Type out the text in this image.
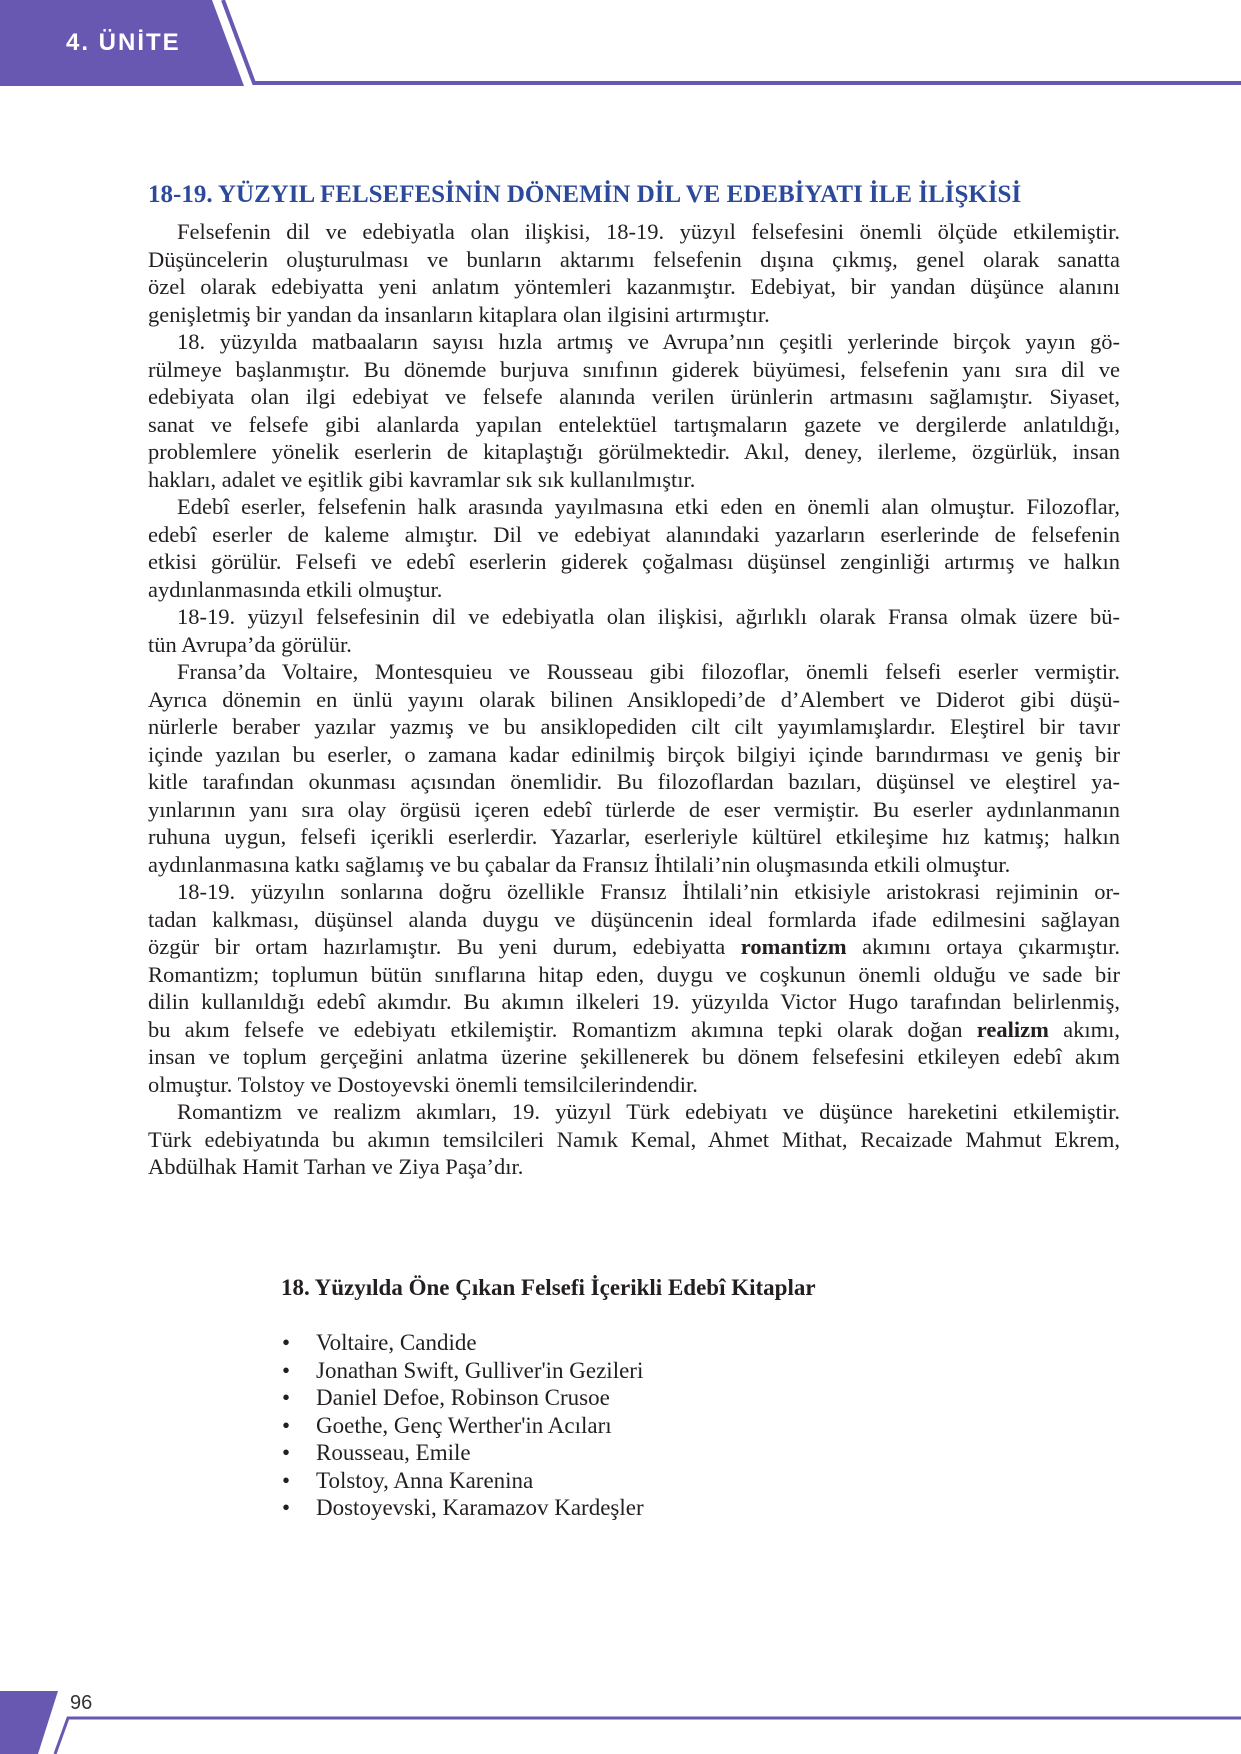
4. ÜNİTE
18-19. YÜZYIL FELSEFESİNİN DÖNEMİN DİL VE EDEBİYATI İLE İLİŞKİSİ
Felsefenin dil ve edebiyatla olan ilişkisi, 18-19. yüzyıl felsefesini önemli ölçüde etkilemiştir.
Düşüncelerin oluşturulması ve bunların aktarımı felsefenin dışına çıkmış, genel olarak sanatta
özel olarak edebiyatta yeni anlatım yöntemleri kazanmıştır. Edebiyat, bir yandan düşünce alanını
genişletmiş bir yandan da insanların kitaplara olan ilgisini artırmıştır.
18. yüzyılda matbaaların sayısı hızla artmış ve Avrupa’nın çeşitli yerlerinde birçok yayın gö-
rülmeye başlanmıştır. Bu dönemde burjuva sınıfının giderek büyümesi, felsefenin yanı sıra dil ve
edebiyata olan ilgi edebiyat ve felsefe alanında verilen ürünlerin artmasını sağlamıştır. Siyaset,
sanat ve felsefe gibi alanlarda yapılan entelektüel tartışmaların gazete ve dergilerde anlatıldığı,
problemlere yönelik eserlerin de kitaplaştığı görülmektedir. Akıl, deney, ilerleme, özgürlük, insan
hakları, adalet ve eşitlik gibi kavramlar sık sık kullanılmıştır.
Edebî eserler, felsefenin halk arasında yayılmasına etki eden en önemli alan olmuştur. Filozoflar,
edebî eserler de kaleme almıştır. Dil ve edebiyat alanındaki yazarların eserlerinde de felsefenin
etkisi görülür. Felsefi ve edebî eserlerin giderek çoğalması düşünsel zenginliği artırmış ve halkın
aydınlanmasında etkili olmuştur.
18-19. yüzyıl felsefesinin dil ve edebiyatla olan ilişkisi, ağırlıklı olarak Fransa olmak üzere bü-
tün Avrupa’da görülür.
Fransa’da Voltaire, Montesquieu ve Rousseau gibi filozoflar, önemli felsefi eserler vermiştir.
Ayrıca dönemin en ünlü yayını olarak bilinen Ansiklopedi’de d’Alembert ve Diderot gibi düşü-
nürlerle beraber yazılar yazmış ve bu ansiklopediden cilt cilt yayımlamışlardır. Eleştirel bir tavır
içinde yazılan bu eserler, o zamana kadar edinilmiş birçok bilgiyi içinde barındırması ve geniş bir
kitle tarafından okunması açısından önemlidir. Bu filozoflardan bazıları, düşünsel ve eleştirel ya-
yınlarının yanı sıra olay örgüsü içeren edebî türlerde de eser vermiştir. Bu eserler aydınlanmanın
ruhuna uygun, felsefi içerikli eserlerdir. Yazarlar, eserleriyle kültürel etkileşime hız katmış; halkın
aydınlanmasına katkı sağlamış ve bu çabalar da Fransız İhtilali’nin oluşmasında etkili olmuştur.
18-19. yüzyılın sonlarına doğru özellikle Fransız İhtilali’nin etkisiyle aristokrasi rejiminin or-
tadan kalkması, düşünsel alanda duygu ve düşüncenin ideal formlarda ifade edilmesini sağlayan
özgür bir ortam hazırlamıştır. Bu yeni durum, edebiyatta romantizm akımını ortaya çıkarmıştır.
Romantizm; toplumun bütün sınıflarına hitap eden, duygu ve coşkunun önemli olduğu ve sade bir
dilin kullanıldığı edebî akımdır. Bu akımın ilkeleri 19. yüzyılda Victor Hugo tarafından belirlenmiş,
bu akım felsefe ve edebiyatı etkilemiştir. Romantizm akımına tepki olarak doğan realizm akımı,
insan ve toplum gerçeğini anlatma üzerine şekillenerek bu dönem felsefesini etkileyen edebî akım
olmuştur. Tolstoy ve Dostoyevski önemli temsilcilerindendir.
Romantizm ve realizm akımları, 19. yüzyıl Türk edebiyatı ve düşünce hareketini etkilemiştir.
Türk edebiyatında bu akımın temsilcileri Namık Kemal, Ahmet Mithat, Recaizade Mahmut Ekrem,
Abdülhak Hamit Tarhan ve Ziya Paşa’dır.
18. Yüzyılda Öne Çıkan Felsefi İçerikli Edebî Kitaplar
•
Voltaire, Candide
•
Jonathan Swift, Gulliver'in Gezileri
•
Daniel Defoe, Robinson Crusoe
•
Goethe, Genç Werther'in Acıları
•
Rousseau, Emile
•
Tolstoy, Anna Karenina
•
Dostoyevski, Karamazov Kardeşler
96
